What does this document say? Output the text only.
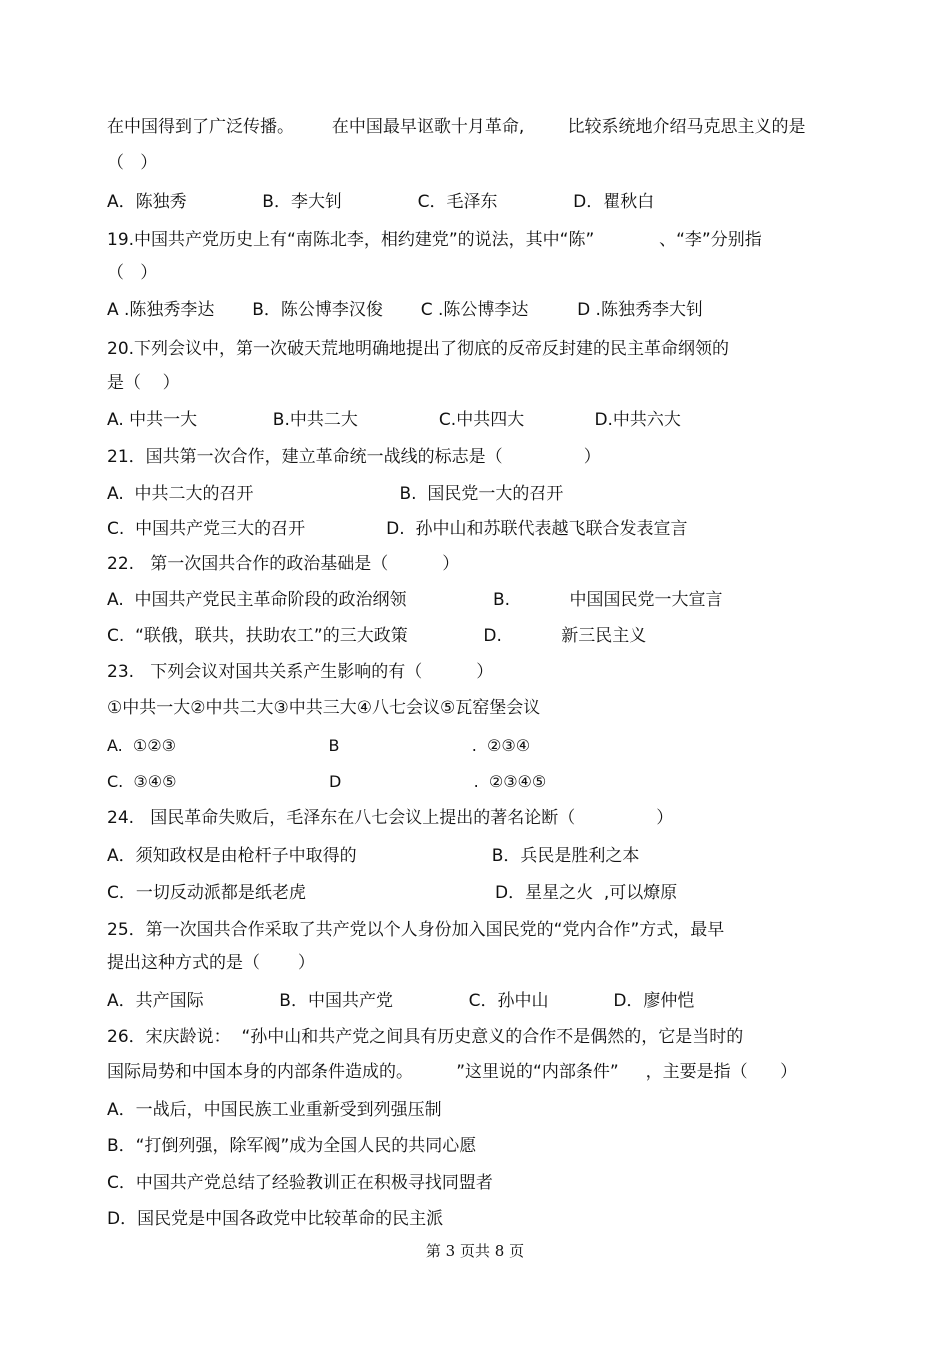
在中国得到了广泛传播。       在中国最早讴歌十月革命,        比较系统地介绍马克思主义的是
（   ）
A．陈独秀              B．李大钊              C．毛泽东              D．瞿秋白
19.中国共产党历史上有“南陈北李，相约建党”的说法，其中“陈”            、“李”分别指
（   ）
A .陈独秀李达       B．陈公博李汉俊       C .陈公博李达         D .陈独秀李大钊
20.下列会议中，第一次破天荒地明确地提出了彻底的反帝反封建的民主革命纲领的
是（    ）
A. 中共一大              B.中共二大               C.中共四大             D.中共六大
21．国共第一次合作，建立革命统一战线的标志是（               ）
A.  中共二大的召开                           B.  国民党一大的召开
C.  中国共产党三大的召开               D.  孙中山和苏联代表越飞联合发表宣言
22.   第一次国共合作的政治基础是（          ）
A.  中国共产党民主革命阶段的政治纲领                B.           中国国民党一大宣言
C.  “联俄，联共，扶助农工”的三大政策              D.           新三民主义
23.   下列会议对国共关系产生影响的有（          ）
①中共一大②中共二大③中共三大④八七会议⑤瓦窑堡会议
A.  ①②③                              B                          .  ②③④
C.  ③④⑤                              D                          .  ②③④⑤
24.   国民革命失败后，毛泽东在八七会议上提出的著名论断（               ）
A．须知政权是由枪杆子中取得的                         B．兵民是胜利之本
C．一切反动派都是纸老虎                                   D．星星之火  ,可以燎原
25．第一次国共合作采取了共产党以个人身份加入国民党的“党内合作”方式，最早
提出这种方式的是（       ）
A．共产国际              B．中国共产党              C．孙中山            D．廖仲恺
26．宋庆龄说：  “孙中山和共产党之间具有历史意义的合作不是偶然的，它是当时的
国际局势和中国本身的内部条件造成的。        ”这里说的“内部条件”     ，主要是指（      ）
A．一战后，中国民族工业重新受到列强压制
B．“打倒列强，除军阀”成为全国人民的共同心愿
C．中国共产党总结了经验教训正在积极寻找同盟者
D．国民党是中国各政党中比较革命的民主派
第 3 页共 8 页
